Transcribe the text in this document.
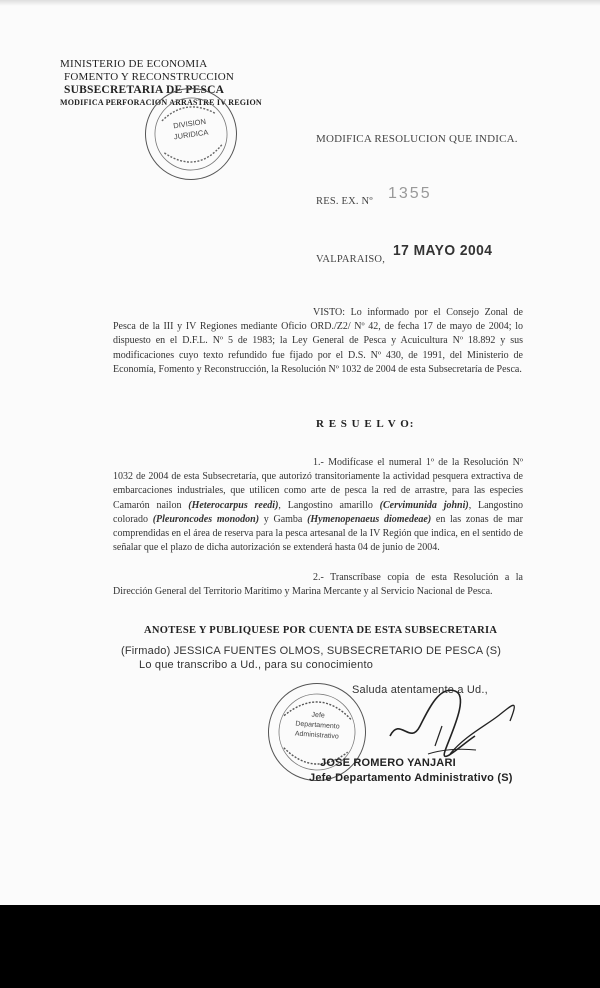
MINISTERIO DE ECONOMIA
FOMENTO Y RECONSTRUCCION
SUBSECRETARIA DE PESCA
MODIFICA PERFORACION ARRASTRE IV REGION
DIVISION
JURIDICA	MODIFICA RESOLUCION QUE INDICA.
RES. EX. Nº 1355
VALPARAISO,
17 MAYO 2004
VISTO: Lo informado por el Consejo Zonal de Pesca de la III y IV Regiones mediante Oficio ORD./Z2/ Nº 42, de fecha 17 de mayo de 2004; lo dispuesto en el D.F.L. Nº 5 de 1983; la Ley General de Pesca y Acuicultura Nº 18.892 y sus modificaciones cuyo texto refundido fue fijado por el D.S. Nº 430, de 1991, del Ministerio de Economía, Fomento y Reconstrucción, la Resolución Nº 1032 de 2004 de esta Subsecretaría de Pesca.
R E S U E L V O:
1.- Modifícase el numeral 1º de la Resolución Nº 1032 de 2004 de esta Subsecretaría, que autorizó transitoriamente la actividad pesquera extractiva de embarcaciones industriales, que utilicen como arte de pesca la red de arrastre, para las especies Camarón nailon (Heterocarpus reedi), Langostino amarillo (Cervimunida johni), Langostino colorado (Pleuroncodes monodon) y Gamba (Hymenopenaeus diomedeae) en las zonas de mar comprendidas en el área de reserva para la pesca artesanal de la IV Región que indica, en el sentido de señalar que el plazo de dicha autorización se extenderá hasta 04 de junio de 2004.
2.- Transcríbase copia de esta Resolución a la Dirección General del Territorio Marítimo y Marina Mercante y al Servicio Nacional de Pesca.
ANOTESE Y PUBLIQUESE POR CUENTA DE ESTA SUBSECRETARIA
(Firmado) JESSICA FUENTES OLMOS, SUBSECRETARIO DE PESCA (S)
Lo que transcribo a Ud., para su conocimiento
Jefe
Departamento
Administrativo
Saluda atentamente a Ud.,
JOSE ROMERO YANJARI
Jefe Departamento Administrativo (S)
